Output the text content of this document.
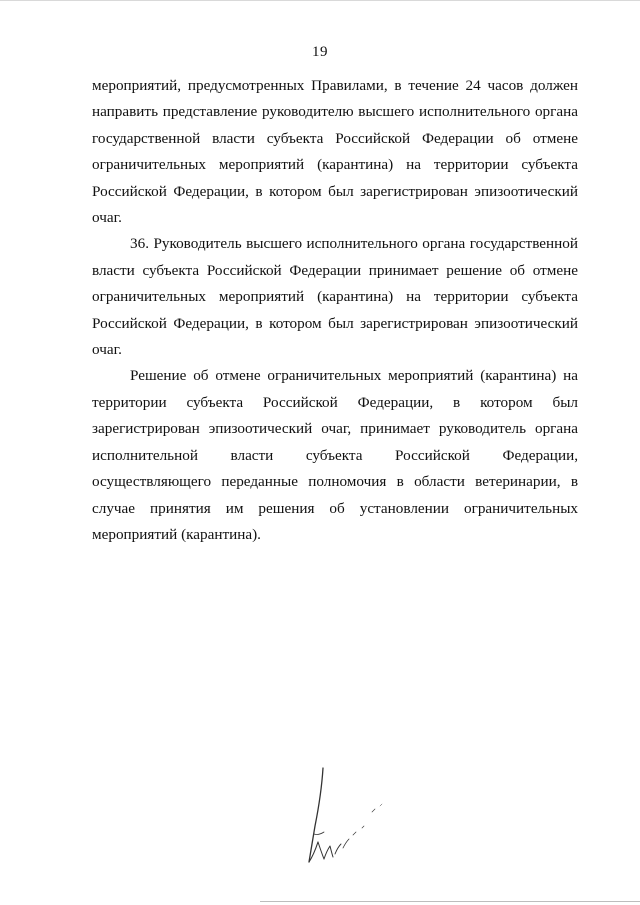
19

мероприятий, предусмотренных Правилами, в течение 24 часов должен направить представление руководителю высшего исполнительного органа государственной власти субъекта Российской Федерации об отмене ограничительных мероприятий (карантина) на территории субъекта Российской Федерации, в котором был зарегистрирован эпизоотический очаг.

36. Руководитель высшего исполнительного органа государственной власти субъекта Российской Федерации принимает решение об отмене ограничительных мероприятий (карантина) на территории субъекта Российской Федерации, в котором был зарегистрирован эпизоотический очаг.

Решение об отмене ограничительных мероприятий (карантина) на территории субъекта Российской Федерации, в котором был зарегистрирован эпизоотический очаг, принимает руководитель органа исполнительной власти субъекта Российской Федерации, осуществляющего переданные полномочия в области ветеринарии, в случае принятия им решения об установлении ограничительных мероприятий (карантина).
